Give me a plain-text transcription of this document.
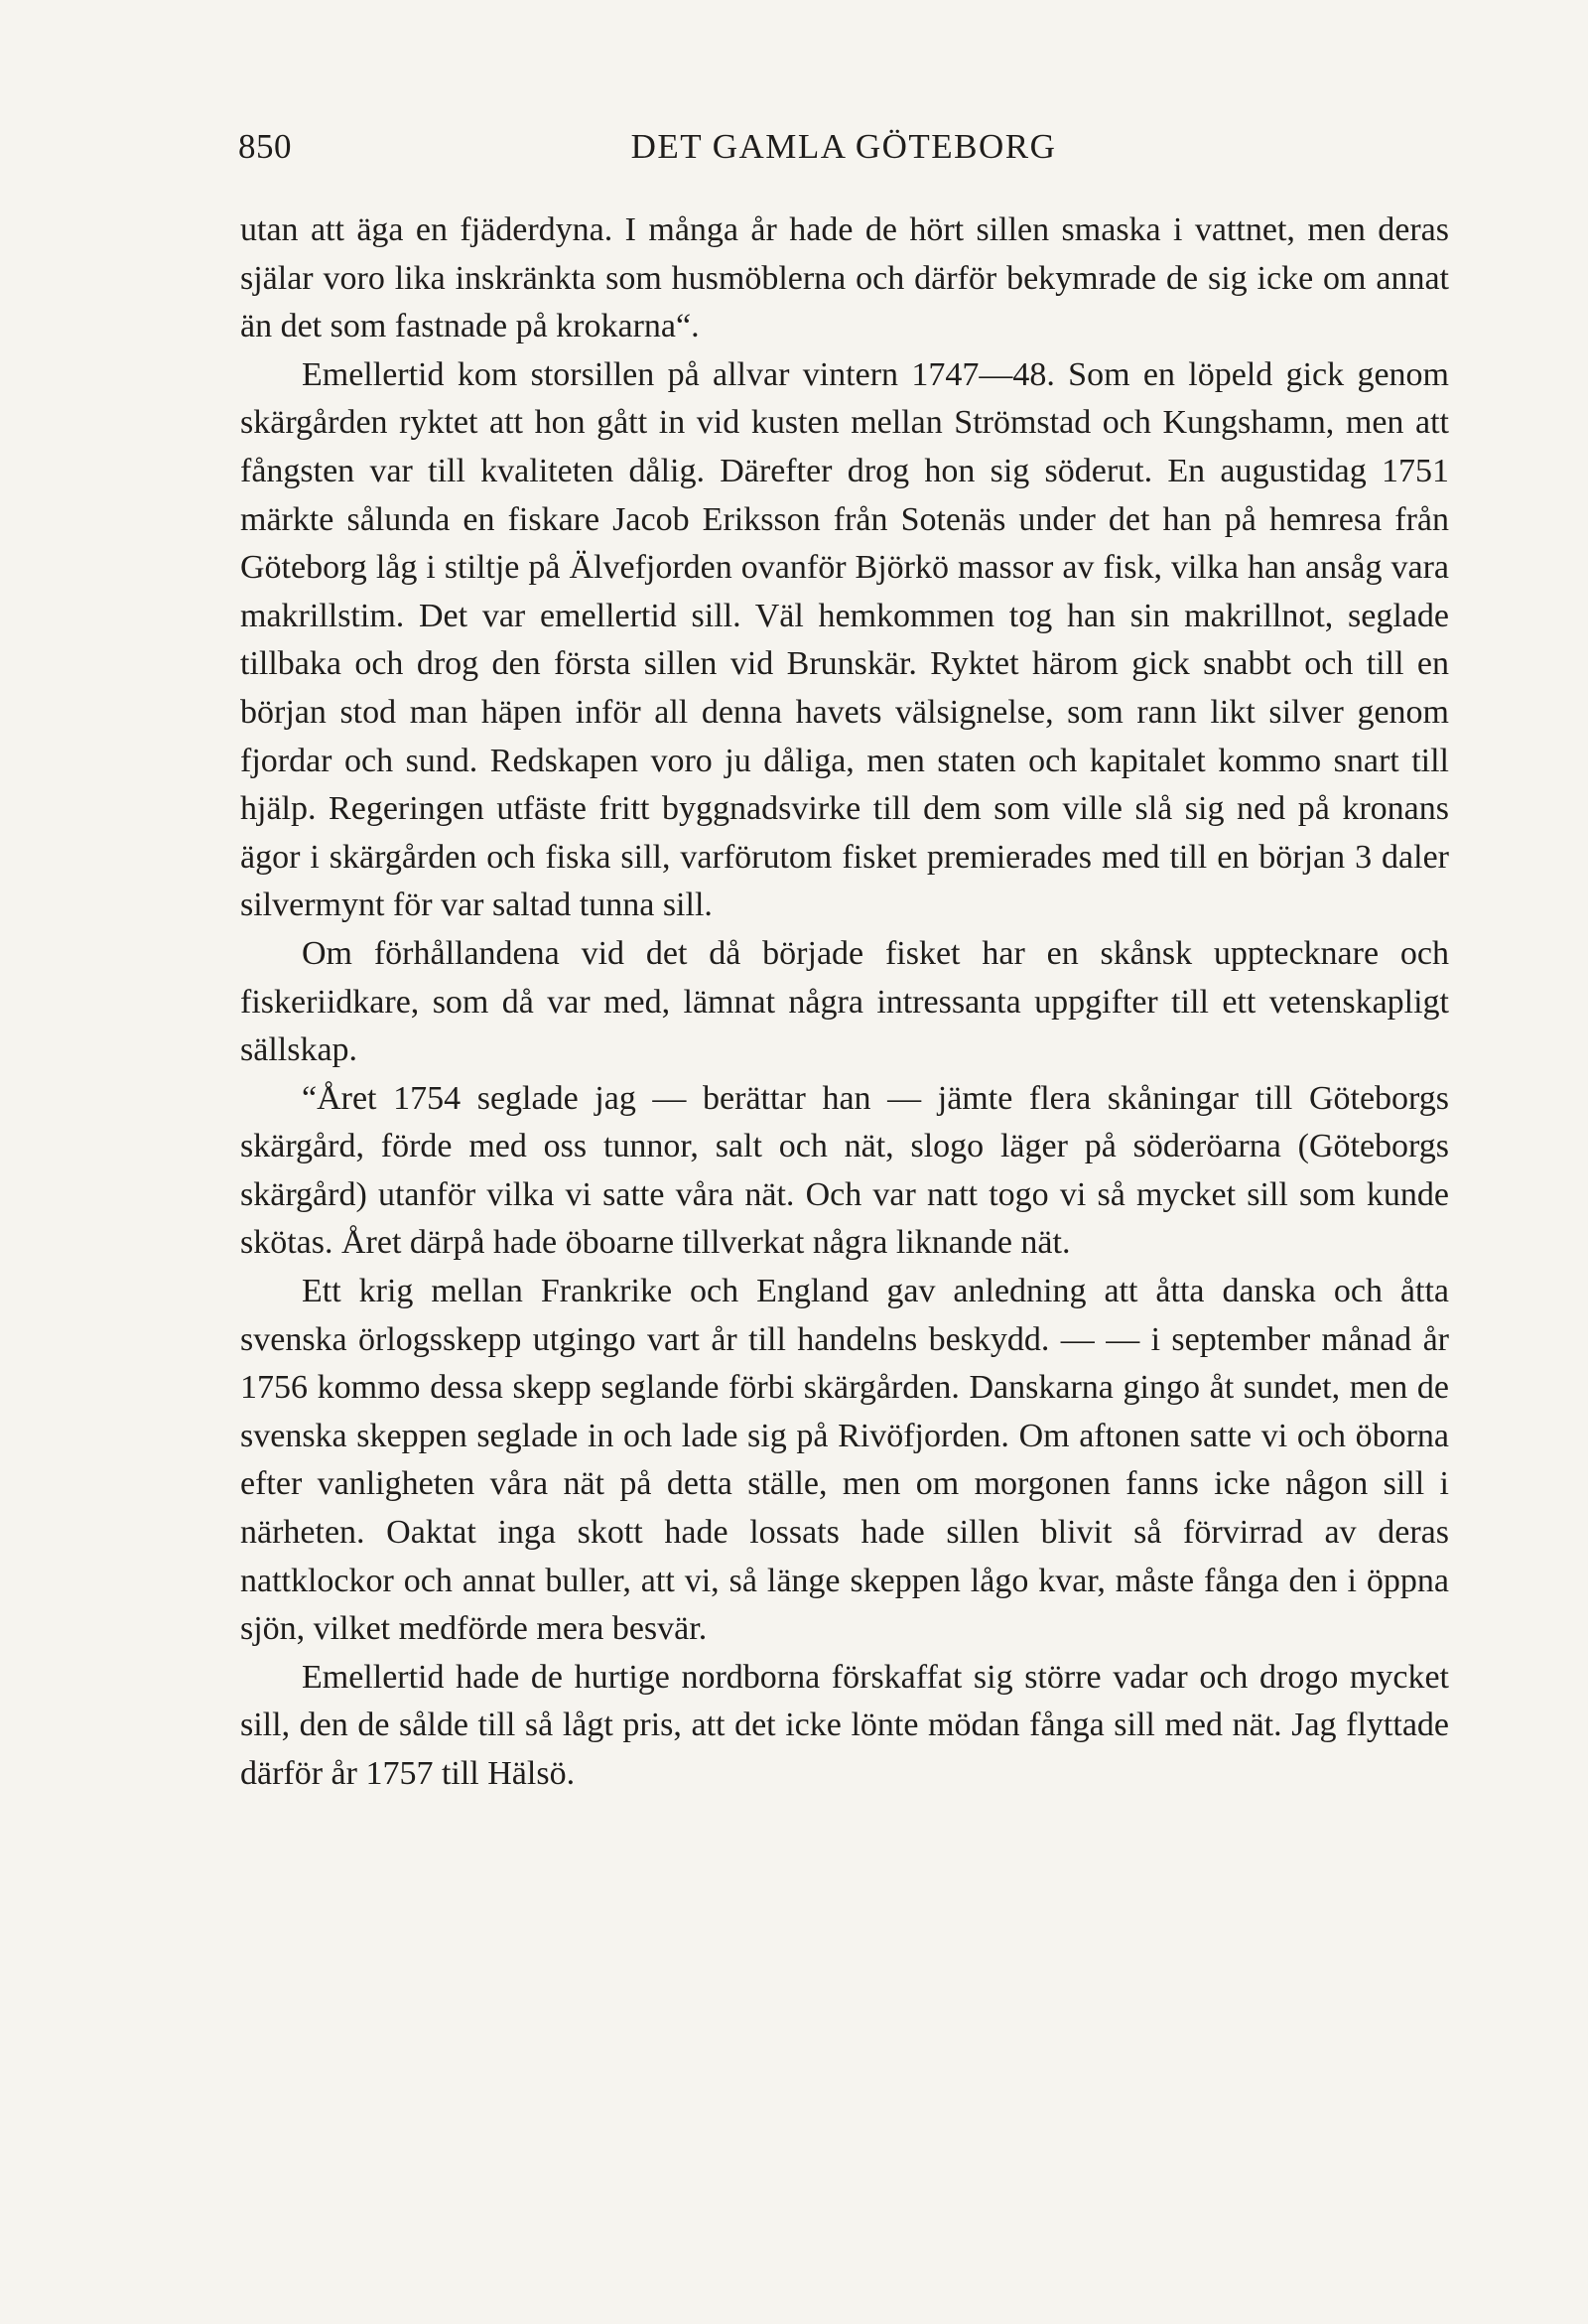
850	DET GAMLA GÖTEBORG

utan att äga en fjäderdyna. I många år hade de hört sillen smaska i vattnet, men deras själar voro lika inskränkta som husmöblerna och därför bekymrade de sig icke om annat än det som fastnade på krokarna“.

Emellertid kom storsillen på allvar vintern 1747—48. Som en löpeld gick genom skärgården ryktet att hon gått in vid kusten mellan Strömstad och Kungshamn, men att fångsten var till kvaliteten dålig. Därefter drog hon sig söderut. En augustidag 1751 märkte sålunda en fiskare Jacob Eriksson från Sotenäs under det han på hemresa från Göteborg låg i stiltje på Älvefjorden ovanför Björkö massor av fisk, vilka han ansåg vara makrillstim. Det var emellertid sill. Väl hemkommen tog han sin makrillnot, seglade tillbaka och drog den första sillen vid Brunskär. Ryktet härom gick snabbt och till en början stod man häpen inför all denna havets välsignelse, som rann likt silver genom fjordar och sund. Redskapen voro ju dåliga, men staten och kapitalet kommo snart till hjälp. Regeringen utfäste fritt byggnadsvirke till dem som ville slå sig ned på kronans ägor i skärgården och fiska sill, varförutom fisket premierades med till en början 3 daler silvermynt för var saltad tunna sill.

Om förhållandena vid det då började fisket har en skånsk upptecknare och fiskeriidkare, som då var med, lämnat några intressanta uppgifter till ett vetenskapligt sällskap.

“Året 1754 seglade jag — berättar han — jämte flera skåningar till Göteborgs skärgård, förde med oss tunnor, salt och nät, slogo läger på söderöarna (Göteborgs skärgård) utanför vilka vi satte våra nät. Och var natt togo vi så mycket sill som kunde skötas. Året därpå hade öboarne tillverkat några liknande nät.

Ett krig mellan Frankrike och England gav anledning att åtta danska och åtta svenska örlogsskepp utgingo vart år till handelns beskydd. — — i september månad år 1756 kommo dessa skepp seglande förbi skärgården. Danskarna gingo åt sundet, men de svenska skeppen seglade in och lade sig på Rivöfjorden. Om aftonen satte vi och öborna efter vanligheten våra nät på detta ställe, men om morgonen fanns icke någon sill i närheten. Oaktat inga skott hade lossats hade sillen blivit så förvirrad av deras nattklockor och annat buller, att vi, så länge skeppen lågo kvar, måste fånga den i öppna sjön, vilket medförde mera besvär.

Emellertid hade de hurtige nordborna förskaffat sig större vadar och drogo mycket sill, den de sålde till så lågt pris, att det icke lönte mödan fånga sill med nät. Jag flyttade därför år 1757 till Hälsö.
